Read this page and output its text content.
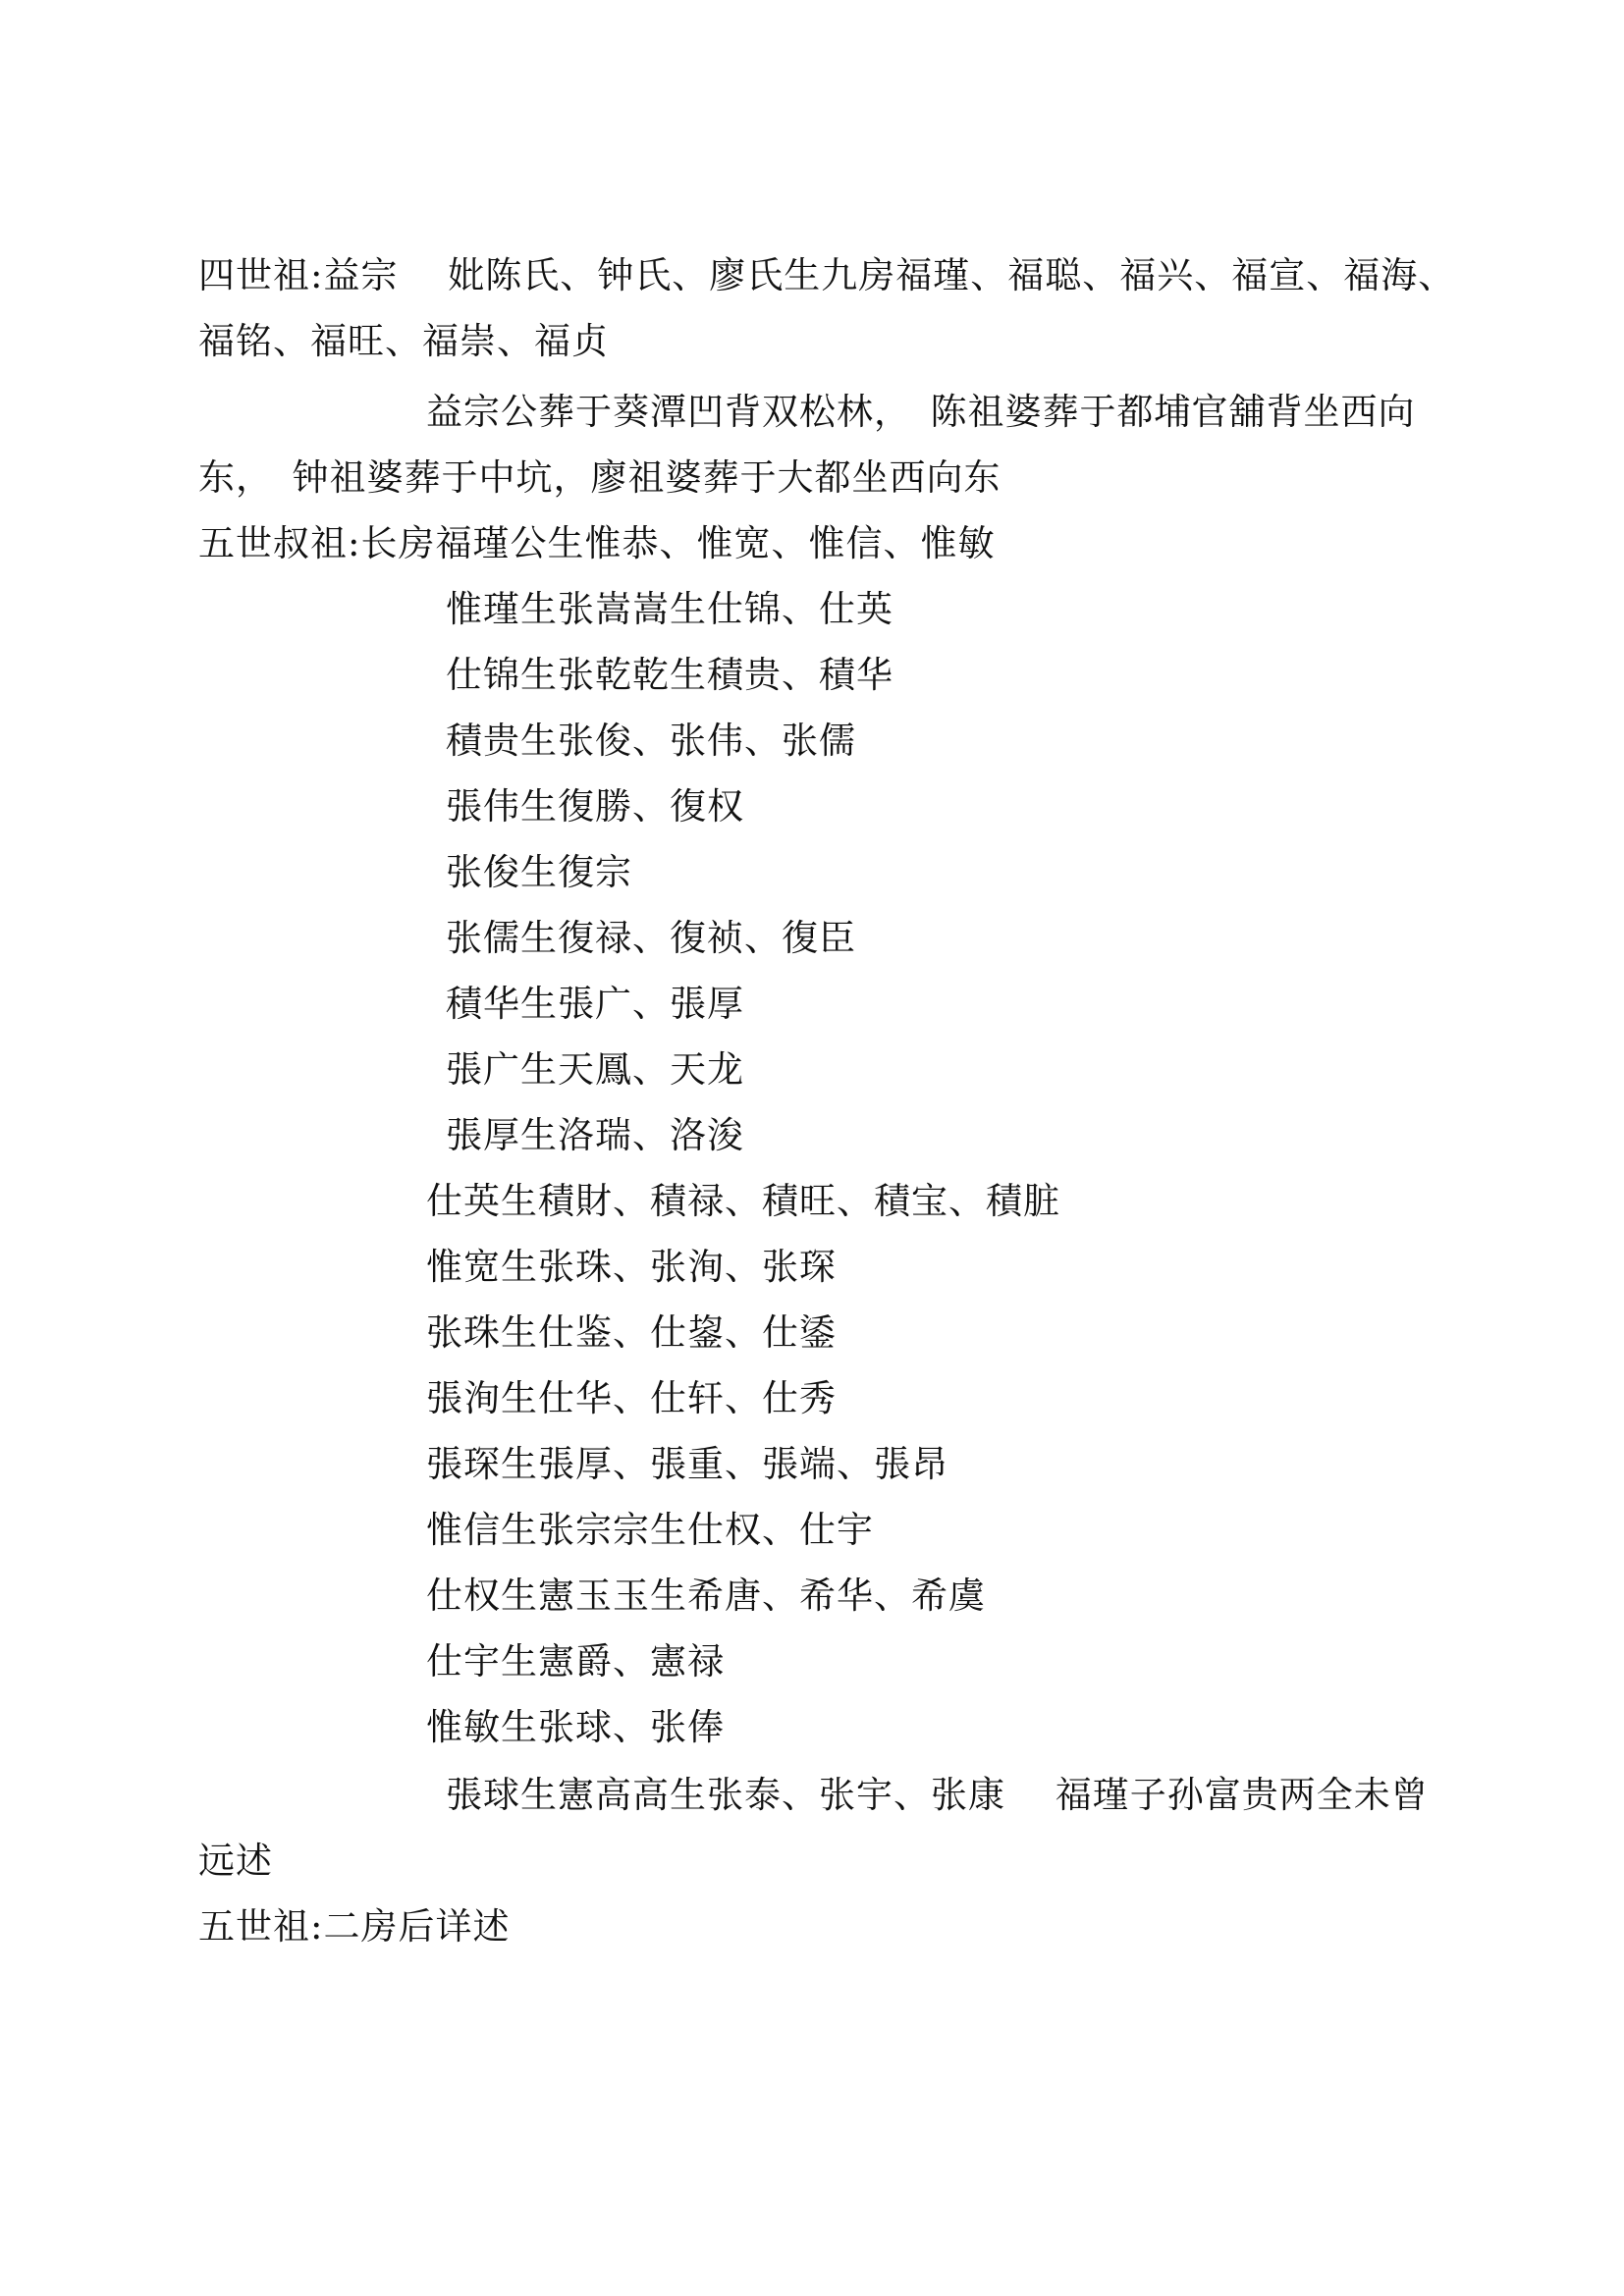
四世祖:益宗　 妣陈氏、钟氏、廖氏生九房福瑾、福聪、福兴、福宣、福海、
福铭、福旺、福崇、福贞
益宗公葬于葵潭凹背双松林，　陈祖婆葬于都埔官舖背坐西向
东，　钟祖婆葬于中坑，廖祖婆葬于大都坐西向东
五世叔祖:长房福瑾公生惟恭、惟宽、惟信、惟敏
惟瑾生张嵩嵩生仕锦、仕英
仕锦生张乾乾生積贵、積华
積贵生张俊、张伟、张儒
張伟生復勝、復权
张俊生復宗
张儒生復禄、復祯、復臣
積华生張广、張厚
張广生天鳳、天龙
張厚生洛瑞、洛浚
仕英生積財、積禄、積旺、積宝、積脏
惟宽生张珠、张洵、张琛
张珠生仕鉴、仕鋆、仕鋈
張洵生仕华、仕轩、仕秀
張琛生張厚、張重、張端、張昂
惟信生张宗宗生仕权、仕宇
仕权生憲玉玉生希唐、希华、希虞
仕宇生憲爵、憲禄
惟敏生张球、张俸
張球生憲高高生张泰、张宇、张康　 福瑾子孙富贵两全未曾
远述
五世祖:二房后详述
